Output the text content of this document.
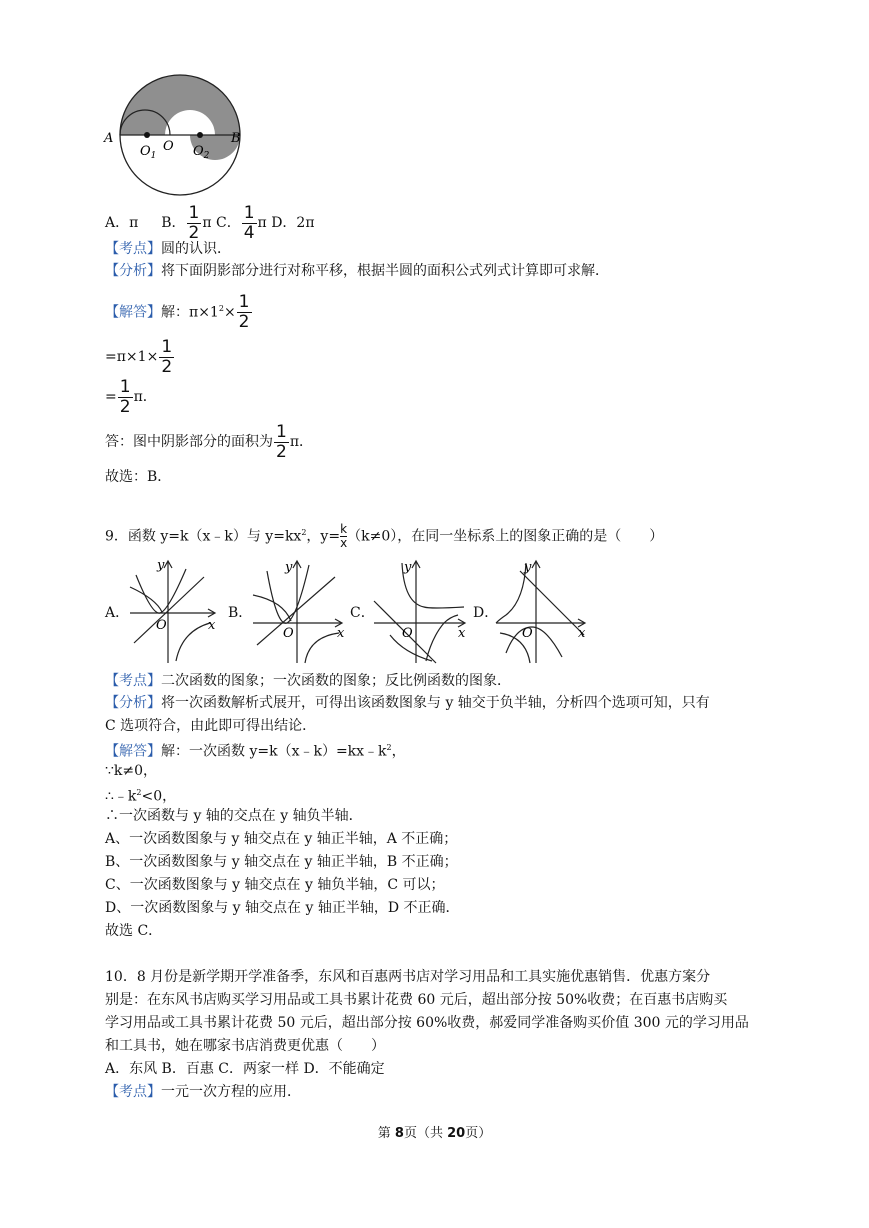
A	B
O
$O_1$	$O_2$
A．π B． $\frac{1}{2}$ π C． $\frac{1}{4}$ π D．2π
【考点】圆的认识．
【分析】将下面阴影部分进行对称平移，根据半圆的面积公式列式计算即可求解．
【解答】解：$\pi\times 1^2\times \frac{1}{2}$
$=\pi\times 1\times \frac{1}{2}$
= $\frac{1}{2}$ π．
答：图中阴影部分的面积为 $\frac{1}{2}$ π．
故选：B．
9．函数 y=k（x﹣k）与 $y=kx^2$，$y= \frac{k}{x} (k\ne 0)$，在同一坐标系上的图象正确的是（　　）
A．	B．	C．	D．
y
x
O
y
x
O
y
x
O
y
x
O
【考点】二次函数的图象；一次函数的图象；反比例函数的图象．
【分析】将一次函数解析式展开，可得出该函数图象与 y 轴交于负半轴，分析四个选项可知，只有
C 选项符合，由此即可得出结论．
【解答】解：一次函数 $y=k(x﹣k)=kx﹣k^2$，
∵k≠0，
$\therefore﹣k^2<0$，
∴一次函数与 y 轴的交点在 y 轴负半轴．
A、一次函数图象与 y 轴交点在 y 轴正半轴，A 不正确；
B、一次函数图象与 y 轴交点在 y 轴正半轴，B 不正确；
C、一次函数图象与 y 轴交点在 y 轴负半轴，C 可以；
D、一次函数图象与 y 轴交点在 y 轴正半轴，D 不正确．
故选 C．
10．8 月份是新学期开学准备季，东风和百惠两书店对学习用品和工具实施优惠销售．优惠方案分
别是：在东风书店购买学习用品或工具书累计花费 60 元后，超出部分按 50%收费；在百惠书店购买
学习用品或工具书累计花费 50 元后，超出部分按 60%收费，郝爱同学准备购买价值 300 元的学习用品
和工具书，她在哪家书店消费更优惠（　　）
A．东风 B．百惠 C．两家一样 D．不能确定
【考点】一元一次方程的应用．
第 8页（共 20页）
